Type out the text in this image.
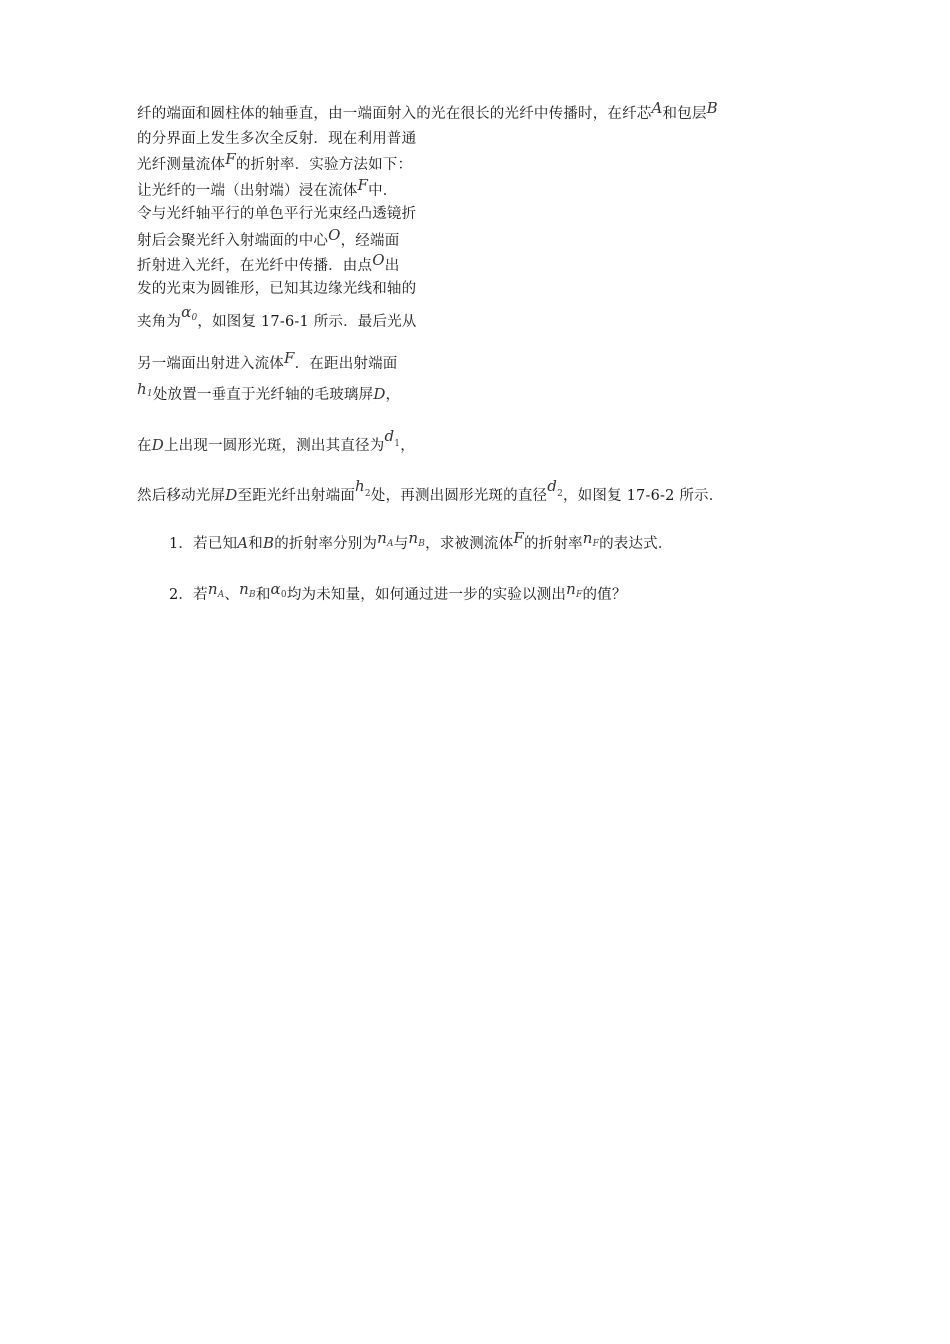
纤的端面和圆柱体的轴垂直，由一端面射入的光在很长的光纤中传播时，在纤芯A和包层B
的分界面上发生多次全反射．现在利用普通
光纤测量流体F的折射率．实验方法如下：
让光纤的一端（出射端）浸在流体F中．
令与光纤轴平行的单色平行光束经凸透镜折
射后会聚光纤入射端面的中心O，经端面
折射进入光纤，在光纤中传播．由点O出
发的光束为圆锥形，已知其边缘光线和轴的
夹角为$\alpha^0$，如图复 17-6-1 所示．最后光从
另一端面出射进入流体F．在距出射端面
$h^1$处放置一垂直于光纤轴的毛玻璃屏D，
在D上出现一圆形光斑，测出其直径为$d^1$，
然后移动光屏D至距光纤出射端面$h^2$处，再测出圆形光斑的直径$d^2$，如图复 17-6-2 所示．
1．若已知A和B的折射率分别为nA与nB，求被测流体F的折射率nF的表达式．
2．若nA、nB和α0均为未知量，如何通过进一步的实验以测出nF的值？
